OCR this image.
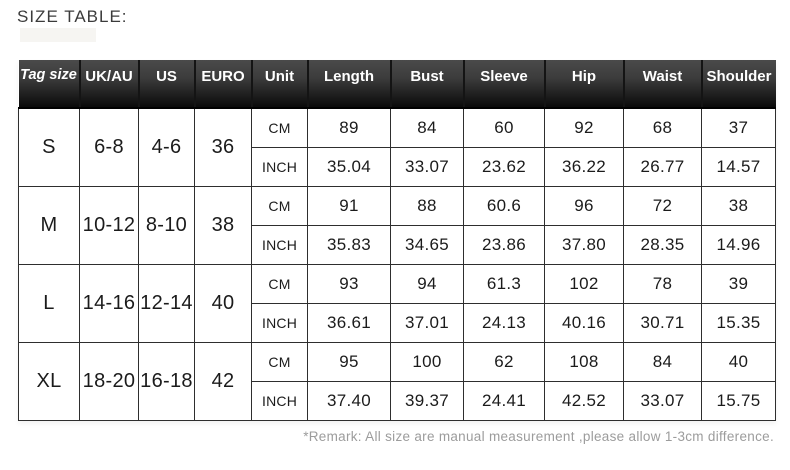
SIZE TABLE:
Tag size	UK/AU	US	EURO	Unit	Length	Bust	Sleeve	Hip	Waist	Shoulder
S	6-8	4-6	36	CM	89	84	60	92	68	37
				INCH	35.04	33.07	23.62	36.22	26.77	14.57
M	10-12	8-10	38	CM	91	88	60.6	96	72	38
				INCH	35.83	34.65	23.86	37.80	28.35	14.96
L	14-16	12-14	40	CM	93	94	61.3	102	78	39
				INCH	36.61	37.01	24.13	40.16	30.71	15.35
XL	18-20	16-18	42	CM	95	100	62	108	84	40
				INCH	37.40	39.37	24.41	42.52	33.07	15.75
*Remark: All size are manual measurement ,please allow 1-3cm difference.
